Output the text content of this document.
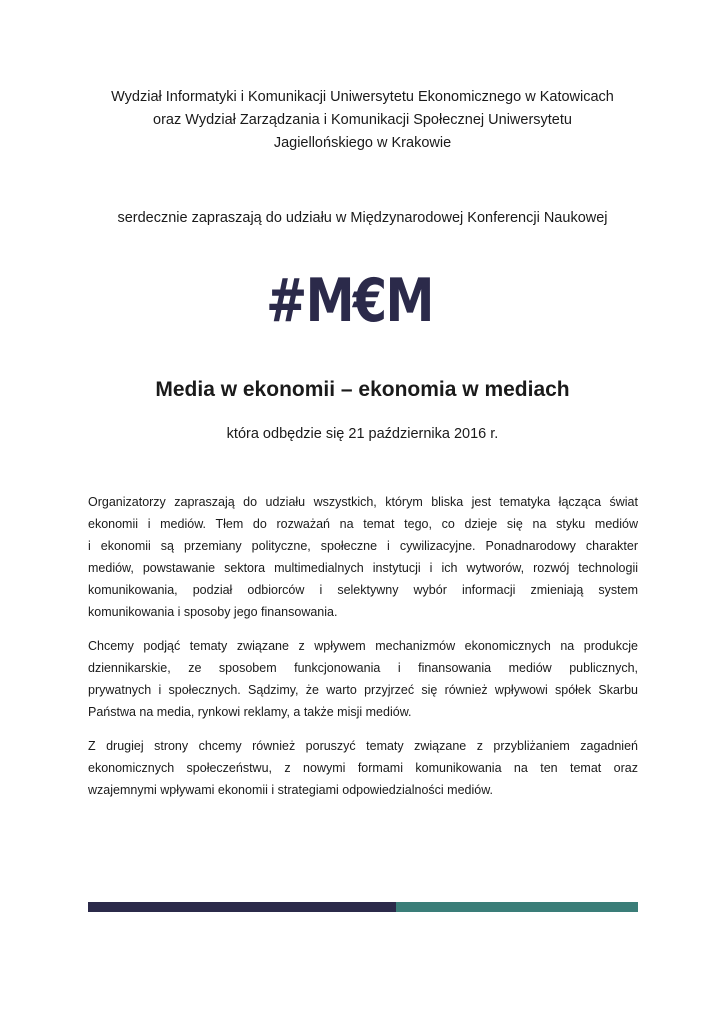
Wydział Informatyki i Komunikacji Uniwersytetu Ekonomicznego w Katowicach
oraz Wydział Zarządzania i Komunikacji Społecznej Uniwersytetu
Jagiellońskiego w Krakowie
serdecznie zapraszają do udziału w Międzynarodowej Konferencji Naukowej
#M€M
Media w ekonomii – ekonomia w mediach
która odbędzie się 21 października 2016 r.

Organizatorzy zapraszają do udziału wszystkich, którym bliska jest tematyka łącząca świat
ekonomii i mediów. Tłem do rozważań na temat tego, co dzieje się na styku mediów
i ekonomii są przemiany polityczne, społeczne i cywilizacyjne. Ponadnarodowy charakter
mediów, powstawanie sektora multimedialnych instytucji i ich wytworów, rozwój technologii
komunikowania, podział odbiorców i selektywny wybór informacji zmieniają system
komunikowania i sposoby jego finansowania.

Chcemy podjąć tematy związane z wpływem mechanizmów ekonomicznych na produkcje
dziennikarskie, ze sposobem funkcjonowania i finansowania mediów publicznych,
prywatnych i społecznych. Sądzimy, że warto przyjrzeć się również wpływowi spółek Skarbu
Państwa na media, rynkowi reklamy, a także misji mediów.

Z drugiej strony chcemy również poruszyć tematy związane z przybliżaniem zagadnień
ekonomicznych społeczeństwu, z nowymi formami komunikowania na ten temat oraz
wzajemnymi wpływami ekonomii i strategiami odpowiedzialności mediów.
